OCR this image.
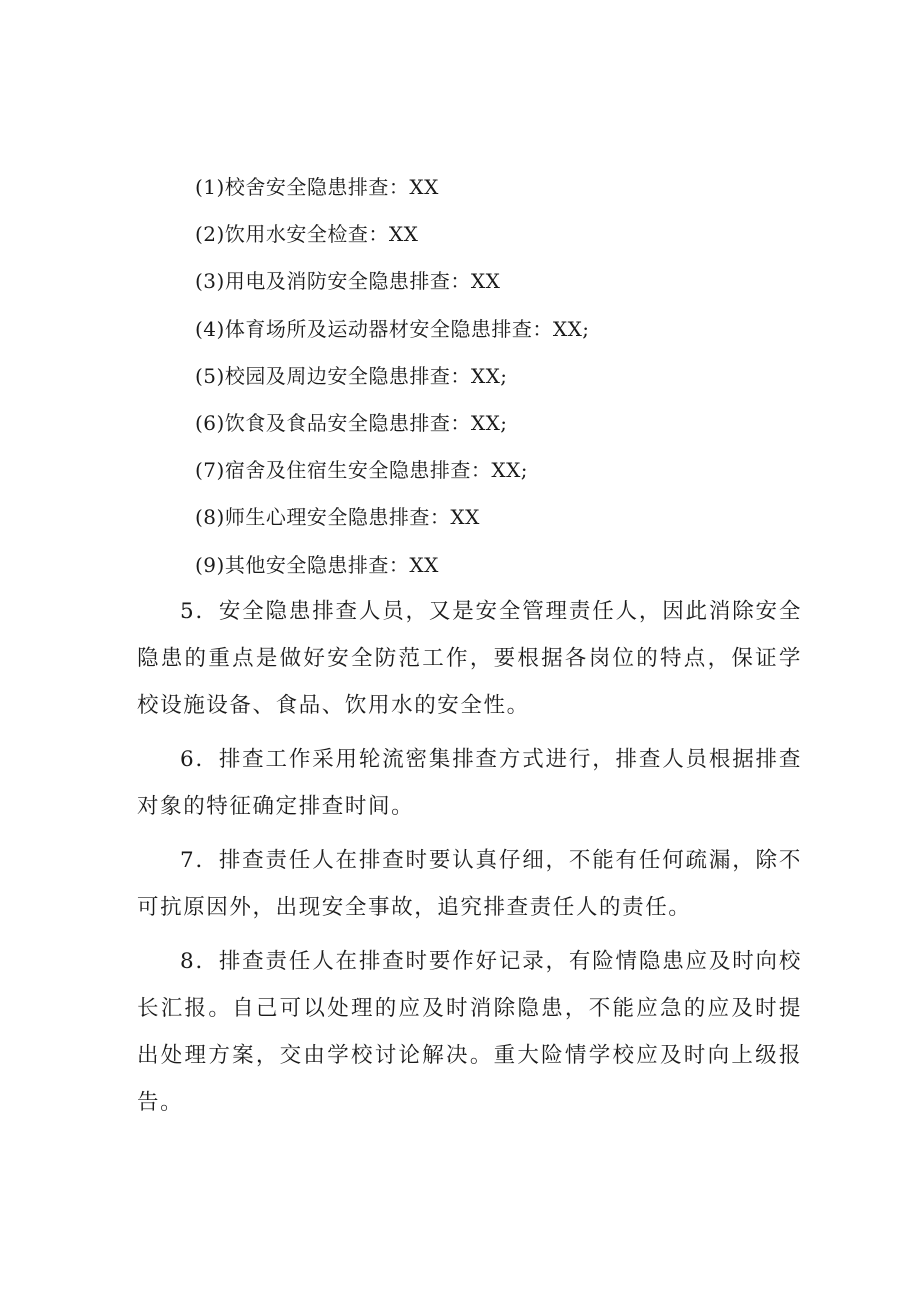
(1)校舍安全隐患排查：XX
(2)饮用水安全检查：XX
(3)用电及消防安全隐患排查：XX
(4)体育场所及运动器材安全隐患排查：XX;
(5)校园及周边安全隐患排查：XX;
(6)饮食及食品安全隐患排查：XX;
(7)宿舍及住宿生安全隐患排查：XX;
(8)师生心理安全隐患排查：XX
(9)其他安全隐患排查：XX

5．安全隐患排查人员，又是安全管理责任人，因此消除安全隐患的重点是做好安全防范工作，要根据各岗位的特点，保证学校设施设备、食品、饮用水的安全性。

6．排查工作采用轮流密集排查方式进行，排查人员根据排查对象的特征确定排查时间。

7．排查责任人在排查时要认真仔细，不能有任何疏漏，除不可抗原因外，出现安全事故，追究排查责任人的责任。

8．排查责任人在排查时要作好记录，有险情隐患应及时向校长汇报。自己可以处理的应及时消除隐患，不能应急的应及时提出处理方案，交由学校讨论解决。重大险情学校应及时向上级报告。
